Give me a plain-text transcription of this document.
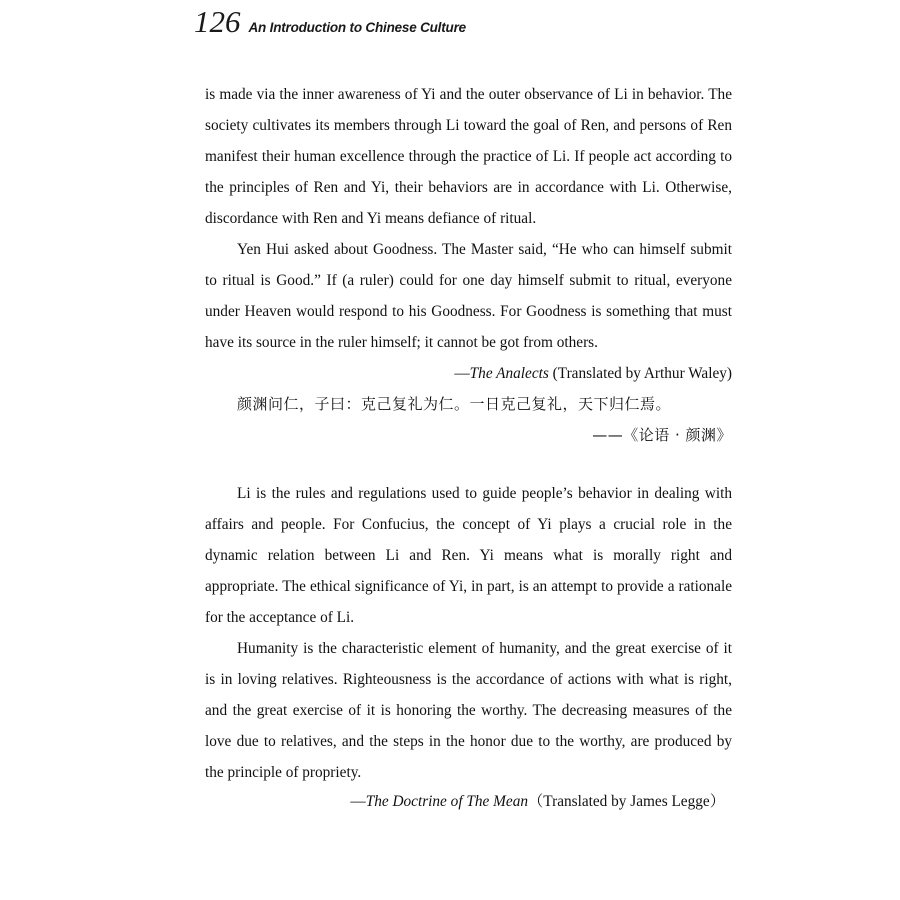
126 An Introduction to Chinese Culture

is made via the inner awareness of Yi and the outer observance of Li in behavior. The society cultivates its members through Li toward the goal of Ren, and persons of Ren manifest their human excellence through the practice of Li. If people act according to the principles of Ren and Yi, their behaviors are in accordance with Li. Otherwise, discordance with Ren and Yi means defiance of ritual.

Yen Hui asked about Goodness. The Master said, “He who can himself submit to ritual is Good.” If (a ruler) could for one day himself submit to ritual, everyone under Heaven would respond to his Goodness. For Goodness is something that must have its source in the ruler himself; it cannot be got from others.

—The Analects (Translated by Arthur Waley)

颜渊问仁，子曰：克己复礼为仁。一日克己复礼，天下归仁焉。

——《论语 · 颜渊》

Li is the rules and regulations used to guide people’s behavior in dealing with affairs and people. For Confucius, the concept of Yi plays a crucial role in the dynamic relation between Li and Ren. Yi means what is morally right and appropriate. The ethical significance of Yi, in part, is an attempt to provide a rationale for the acceptance of Li.

Humanity is the characteristic element of humanity, and the great exercise of it is in loving relatives. Righteousness is the accordance of actions with what is right, and the great exercise of it is honoring the worthy. The decreasing measures of the love due to relatives, and the steps in the honor due to the worthy, are produced by the principle of propriety.

—The Doctrine of The Mean（Translated by James Legge）
